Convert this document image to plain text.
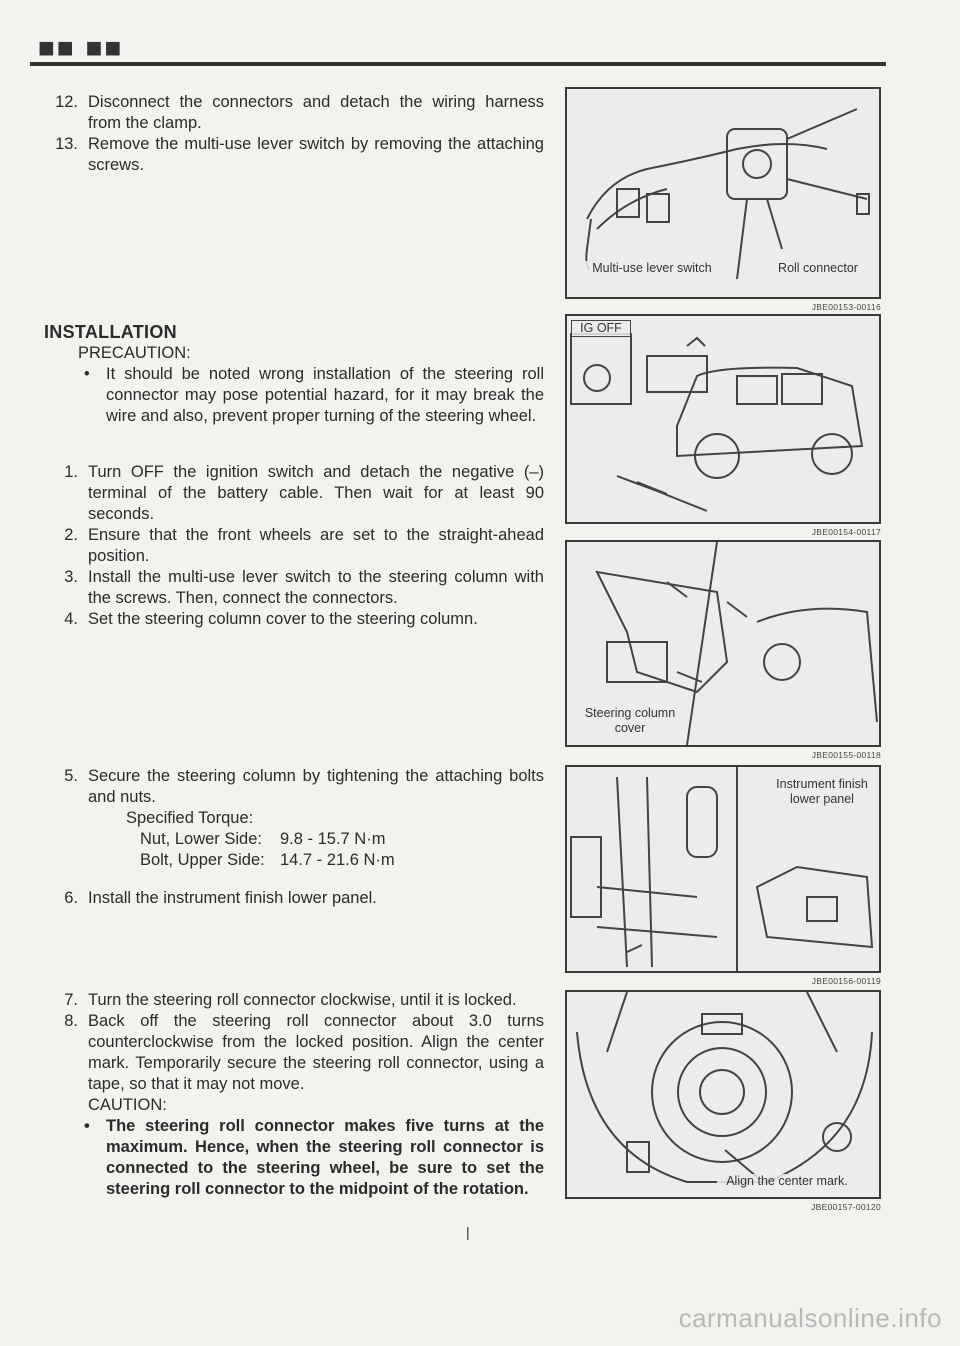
■■ ■■
12. Disconnect the connectors and detach the wiring harness from the clamp.
13. Remove the multi-use lever switch by removing the attaching screws.
INSTALLATION
PRECAUTION:
• It should be noted wrong installation of the steering roll connector may pose potential hazard, for it may break the wire and also, prevent proper turning of the steering wheel.
1. Turn OFF the ignition switch and detach the negative (–) terminal of the battery cable. Then wait for at least 90 seconds.
2. Ensure that the front wheels are set to the straight-ahead position.
3. Install the multi-use lever switch to the steering column with the screws. Then, connect the connectors.
4. Set the steering column cover to the steering column.
5. Secure the steering column by tightening the attaching bolts and nuts.
Specified Torque:
Nut, Lower Side:	9.8 - 15.7 N·m
Bolt, Upper Side: 14.7 - 21.6 N·m
6. Install the instrument finish lower panel.
7. Turn the steering roll connector clockwise, until it is locked.
8. Back off the steering roll connector about 3.0 turns counterclockwise from the locked position. Align the center mark. Temporarily secure the steering roll connector, using a tape, so that it may not move.
CAUTION:
• The steering roll connector makes five turns at the maximum. Hence, when the steering roll connector is connected to the steering wheel, be sure to set the steering roll connector to the midpoint of the rotation.
Multi-use lever switch	Roll connector
JBE00153-00116
IG OFF
JBE00154-00117
Steering column cover
JBE00155-00118
Instrument finish lower panel
JBE00156-00119
Align the center mark.
JBE00157-00120
|
carmanualsonline.info
